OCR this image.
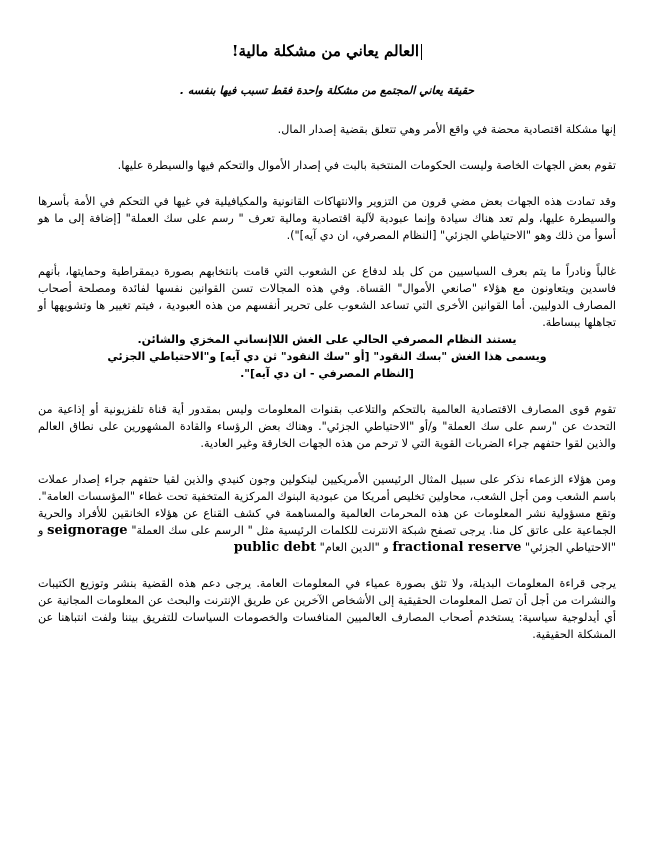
العالم يعاني من مشكلة مالية!
حقيقة يعاني المجتمع من مشكلة واحدة فقط تسبب فيها بنفسه .

إنها مشكلة اقتصادية محضة في واقع الأمر وهي تتعلق بقضية إصدار المال.

تقوم بعض الجهات الخاصة وليست الحكومات المنتخبة بالبت في إصدار الأموال والتحكم فيها والسيطرة عليها.

وقد تمادت هذه الجهات بعض مضي قرون من التزوير والانتهاكات القانونية والمكيافيلية في غيها في التحكم في الأمة بأسرها والسيطرة عليها، ولم تعد هناك سيادة وإنما عبودية لآلية اقتصادية ومالية تعرف " رسم على سك العملة" [إضافة إلى ما هو أسوأ من ذلك وهو "الاحتياطي الجزئي" [النظام المصرفي، ان دي آيه]").

غالباً ونادراً ما يتم بعرف السياسيين من كل بلد لدفاع عن الشعوب التي قامت بانتخابهم بصورة ديمقراطية وحمايتها، بأنهم فاسدين ويتعاونون مع هؤلاء "صانعي الأموال" القساة. وفي هذه المجالات تسن القوانين نفسها لفائدة ومصلحة أصحاب المصارف الدوليين. أما القوانين الأخرى التي تساعد الشعوب على تحرير أنفسهم من هذه العبودية ، فيتم تغيير ها وتشويهها أو تجاهلها ببساطة.

يستند النظام المصرفي الحالي على الغش اللاإنساني المخزي والشائن.
ويسمى هذا الغش "بسك النقود" [أو "سك النقود" ثن دي آيه] و"الاحتياطي الجزئي
[النظام المصرفي - ان دي آيه]".

تقوم قوى المصارف الاقتصادية العالمية بالتحكم والتلاعب بقنوات المعلومات وليس بمقدور أية قناة تلفزيونية أو إذاعية من التحدث عن "رسم على سك العملة" و/أو "الاحتياطي الجزئي". وهناك بعض الرؤساء والقادة المشهورين على نطاق العالم والذين لقوا حتفهم جراء الضربات القوية التي لا ترحم من هذه الجهات الخارقة وغير العادية.

ومن هؤلاء الزعماء نذكر على سبيل المثال الرئيسين الأمريكيين لينكولين وجون كنيدي والذين لقيا حتفهم جراء إصدار عملات باسم الشعب ومن أجل الشعب، محاولين تخليص أمريكا من عبودية البنوك المركزية المتخفية تحت غطاء "المؤسسات العامة". وتقع مسؤولية نشر المعلومات عن هذه المحرمات العالمية والمساهمة في كشف القناع عن هؤلاء الخانقين للأفراد والحرية الجماعية على عاتق كل منا. يرجى تصفح شبكة الانترنت للكلمات الرئيسية مثل " الرسم على سك العملة" seignorage و "الاحتياطي الجزئي" fractional reserve و "الدين العام" public debt

يرجى قراءة المعلومات البديلة، ولا تثق بصورة عمياء في المعلومات العامة. يرجى دعم هذه القضية بنشر وتوزيع الكتيبات والنشرات من أجل أن تصل المعلومات الحقيقية إلى الأشخاص الآخرين عن طريق الإنترنت والبحث عن المعلومات المجانية عن أي أيدلوجية سياسية: يستخدم أصحاب المصارف العالميين المنافسات والخصومات السياسات للتفريق بيننا ولفت انتباهنا عن المشكلة الحقيقية.
